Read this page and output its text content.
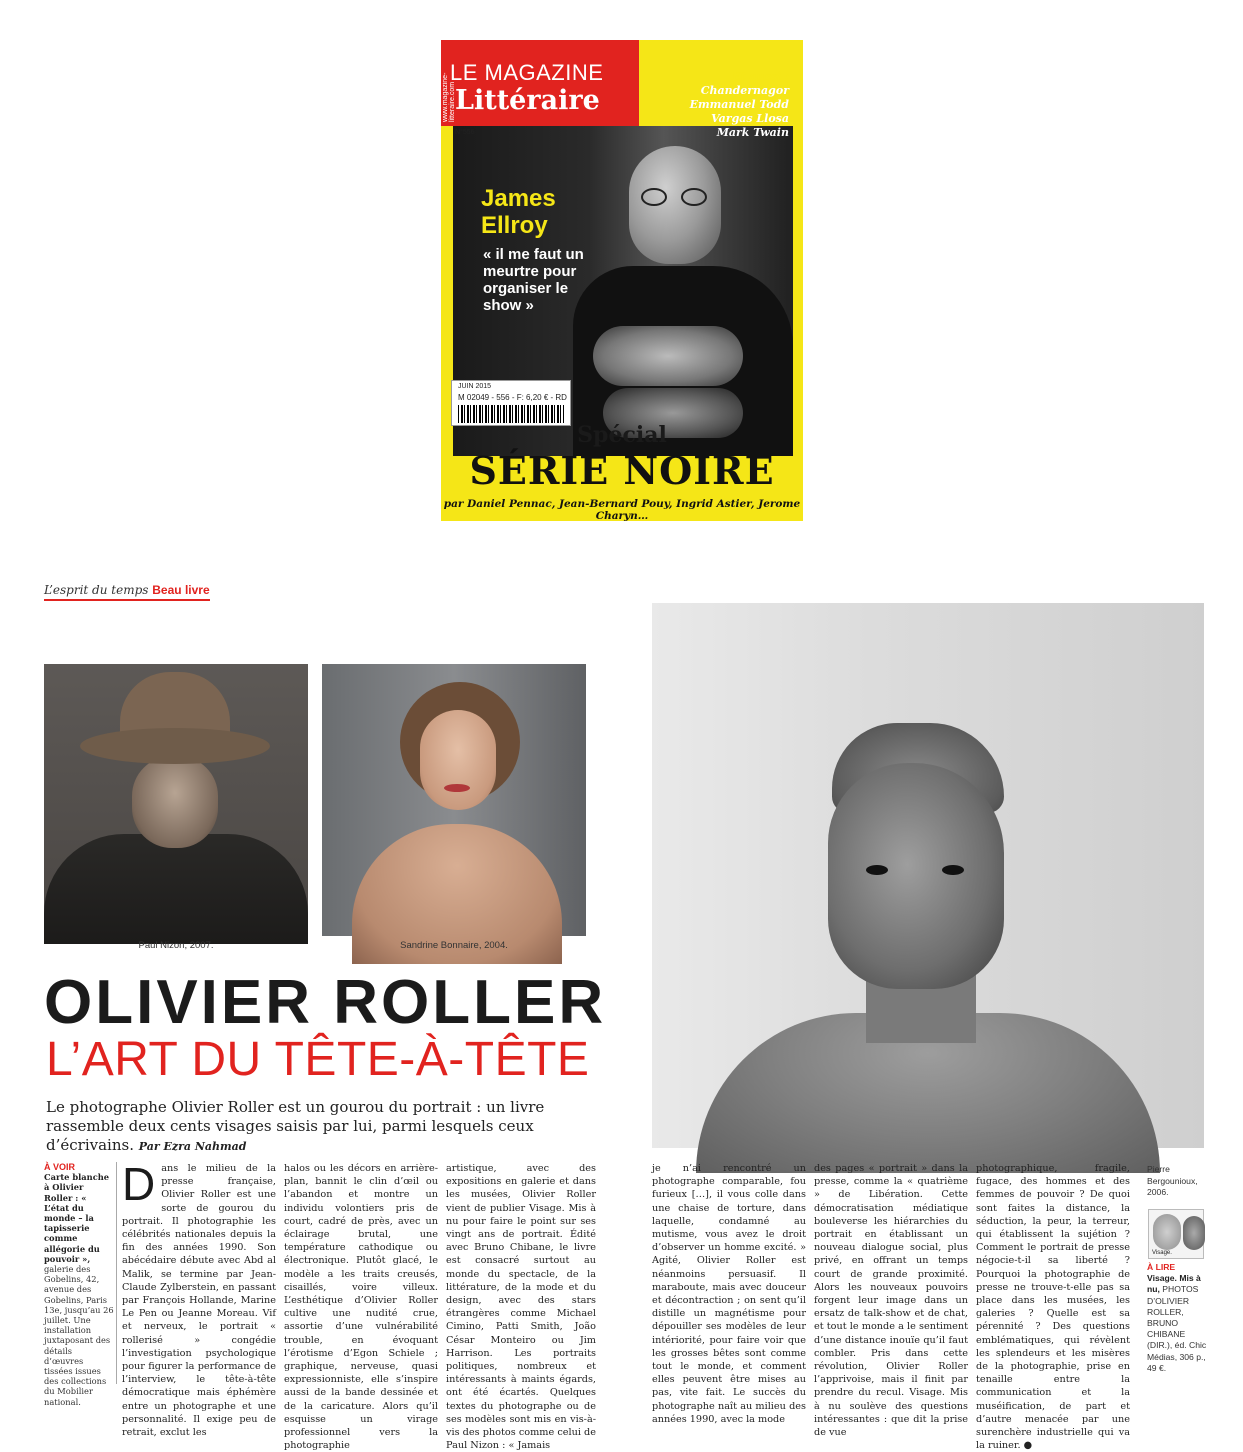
www.magazine-litteraire.com
LE MAGAZINE
Littéraire
N°556
Et aussi :
Chandernagor
Emmanuel Todd
Vargas Llosa
Mark Twain
James
Ellroy
« il me faut un meurtre pour organiser le show »
JUIN 2015
M 02049 - 556 - F: 6,20 € - RD
Spécial
SÉRIE NOIRE
par Daniel Pennac, Jean-Bernard Pouy, Ingrid Astier, Jerome Charyn…
L’esprit du temps Beau livre
Paul Nizon, 2007.	Sandrine Bonnaire, 2004.
OLIVIER ROLLER
L’ART DU TÊTE-À-TÊTE
Le photographe Olivier Roller est un gourou du portrait : un livre rassemble deux cents visages saisis par lui, parmi lesquels ceux d’écrivains. Par Ezra Nahmad
À VOIR
Carte blanche à Olivier Roller : « L’état du monde – la tapisserie comme allégorie du pouvoir », galerie des Gobelins, 42, avenue des Gobelins, Paris 13e, jusqu’au 26 juillet. Une installation juxtaposant des détails d’œuvres tissées issues des collections du Mobilier national.
D ans le milieu de la presse française, Olivier Roller est une sorte de gourou du portrait. Il photographie les célébrités nationales depuis la fin des années 1990. Son abécédaire débute avec Abd al Malik, se termine par Jean-Claude Zylberstein, en passant par François Hollande, Marine Le Pen ou Jeanne Moreau. Vif et nerveux, le portrait « rollerisé » congédie l’investigation psychologique pour figurer la performance de l’interview, le tête-à-tête démocratique mais éphémère entre un photographe et une personnalité. Il exige peu de retrait, exclut les
halos ou les décors en arrière-plan, bannit le clin d’œil ou l’abandon et montre un individu volontiers pris de court, cadré de près, avec un éclairage brutal, une température cathodique ou électronique. Plutôt glacé, le modèle a les traits creusés, cisaillés, voire villeux. L’esthétique d’Olivier Roller cultive une nudité crue, assortie d’une vulnérabilité trouble, en évoquant l’érotisme d’Egon Schiele ; graphique, nerveuse, quasi expressionniste, elle s’inspire aussi de la bande dessinée et de la caricature. Alors qu’il esquisse un virage professionnel vers la photographie
artistique, avec des expositions en galerie et dans les musées, Olivier Roller vient de publier Visage. Mis à nu pour faire le point sur ses vingt ans de portrait. Édité avec Bruno Chibane, le livre est consacré surtout au monde du spectacle, de la littérature, de la mode et du design, avec des stars étrangères comme Michael Cimino, Patti Smith, João César Monteiro ou Jim Harrison. Les portraits politiques, nombreux et intéressants à maints égards, ont été écartés. Quelques textes du photographe ou de ses modèles sont mis en vis-à-vis des photos comme celui de Paul Nizon : « Jamais
je n’ai rencontré un photographe comparable, fou furieux […], il vous colle dans une chaise de torture, dans laquelle, condamné au mutisme, vous avez le droit d’observer un homme excité. » Agité, Olivier Roller est néanmoins persuasif. Il maraboute, mais avec douceur et décontraction ; on sent qu’il distille un magnétisme pour dépouiller ses modèles de leur intériorité, pour faire voir que les grosses bêtes sont comme tout le monde, et comment elles peuvent être mises au pas, vite fait. Le succès du photographe naît au milieu des années 1990, avec la mode
des pages « portrait » dans la presse, comme la « quatrième » de Libération. Cette démocratisation médiatique bouleverse les hiérarchies du portrait en établissant un nouveau dialogue social, plus privé, en offrant un temps court de grande proximité. Alors les nouveaux pouvoirs forgent leur image dans un ersatz de talk-show et de chat, et tout le monde a le sentiment d’une distance inouïe qu’il faut combler. Pris dans cette révolution, Olivier Roller l’apprivoise, mais il finit par prendre du recul. Visage. Mis à nu soulève des questions intéressantes : que dit la prise de vue
photographique, fragile, fugace, des hommes et des femmes de pouvoir ? De quoi sont faites la distance, la séduction, la peur, la terreur, qui établissent la sujétion ? Comment le portrait de presse négocie-t-il sa liberté ? Pourquoi la photographie de presse ne trouve-t-elle pas sa place dans les musées, les galeries ? Quelle est sa pérennité ? Des questions emblématiques, qui révèlent les splendeurs et les misères de la photographie, prise en tenaille entre la communication et la muséification, de part et d’autre menacée par une surenchère industrielle qui va la ruiner. ●
Pierre Bergounioux, 2006.
Visage.
À LIRE
Visage. Mis à nu, PHOTOS D’OLIVIER ROLLER, BRUNO CHIBANE (DIR.), éd. Chic Médias, 306 p., 49 €.
